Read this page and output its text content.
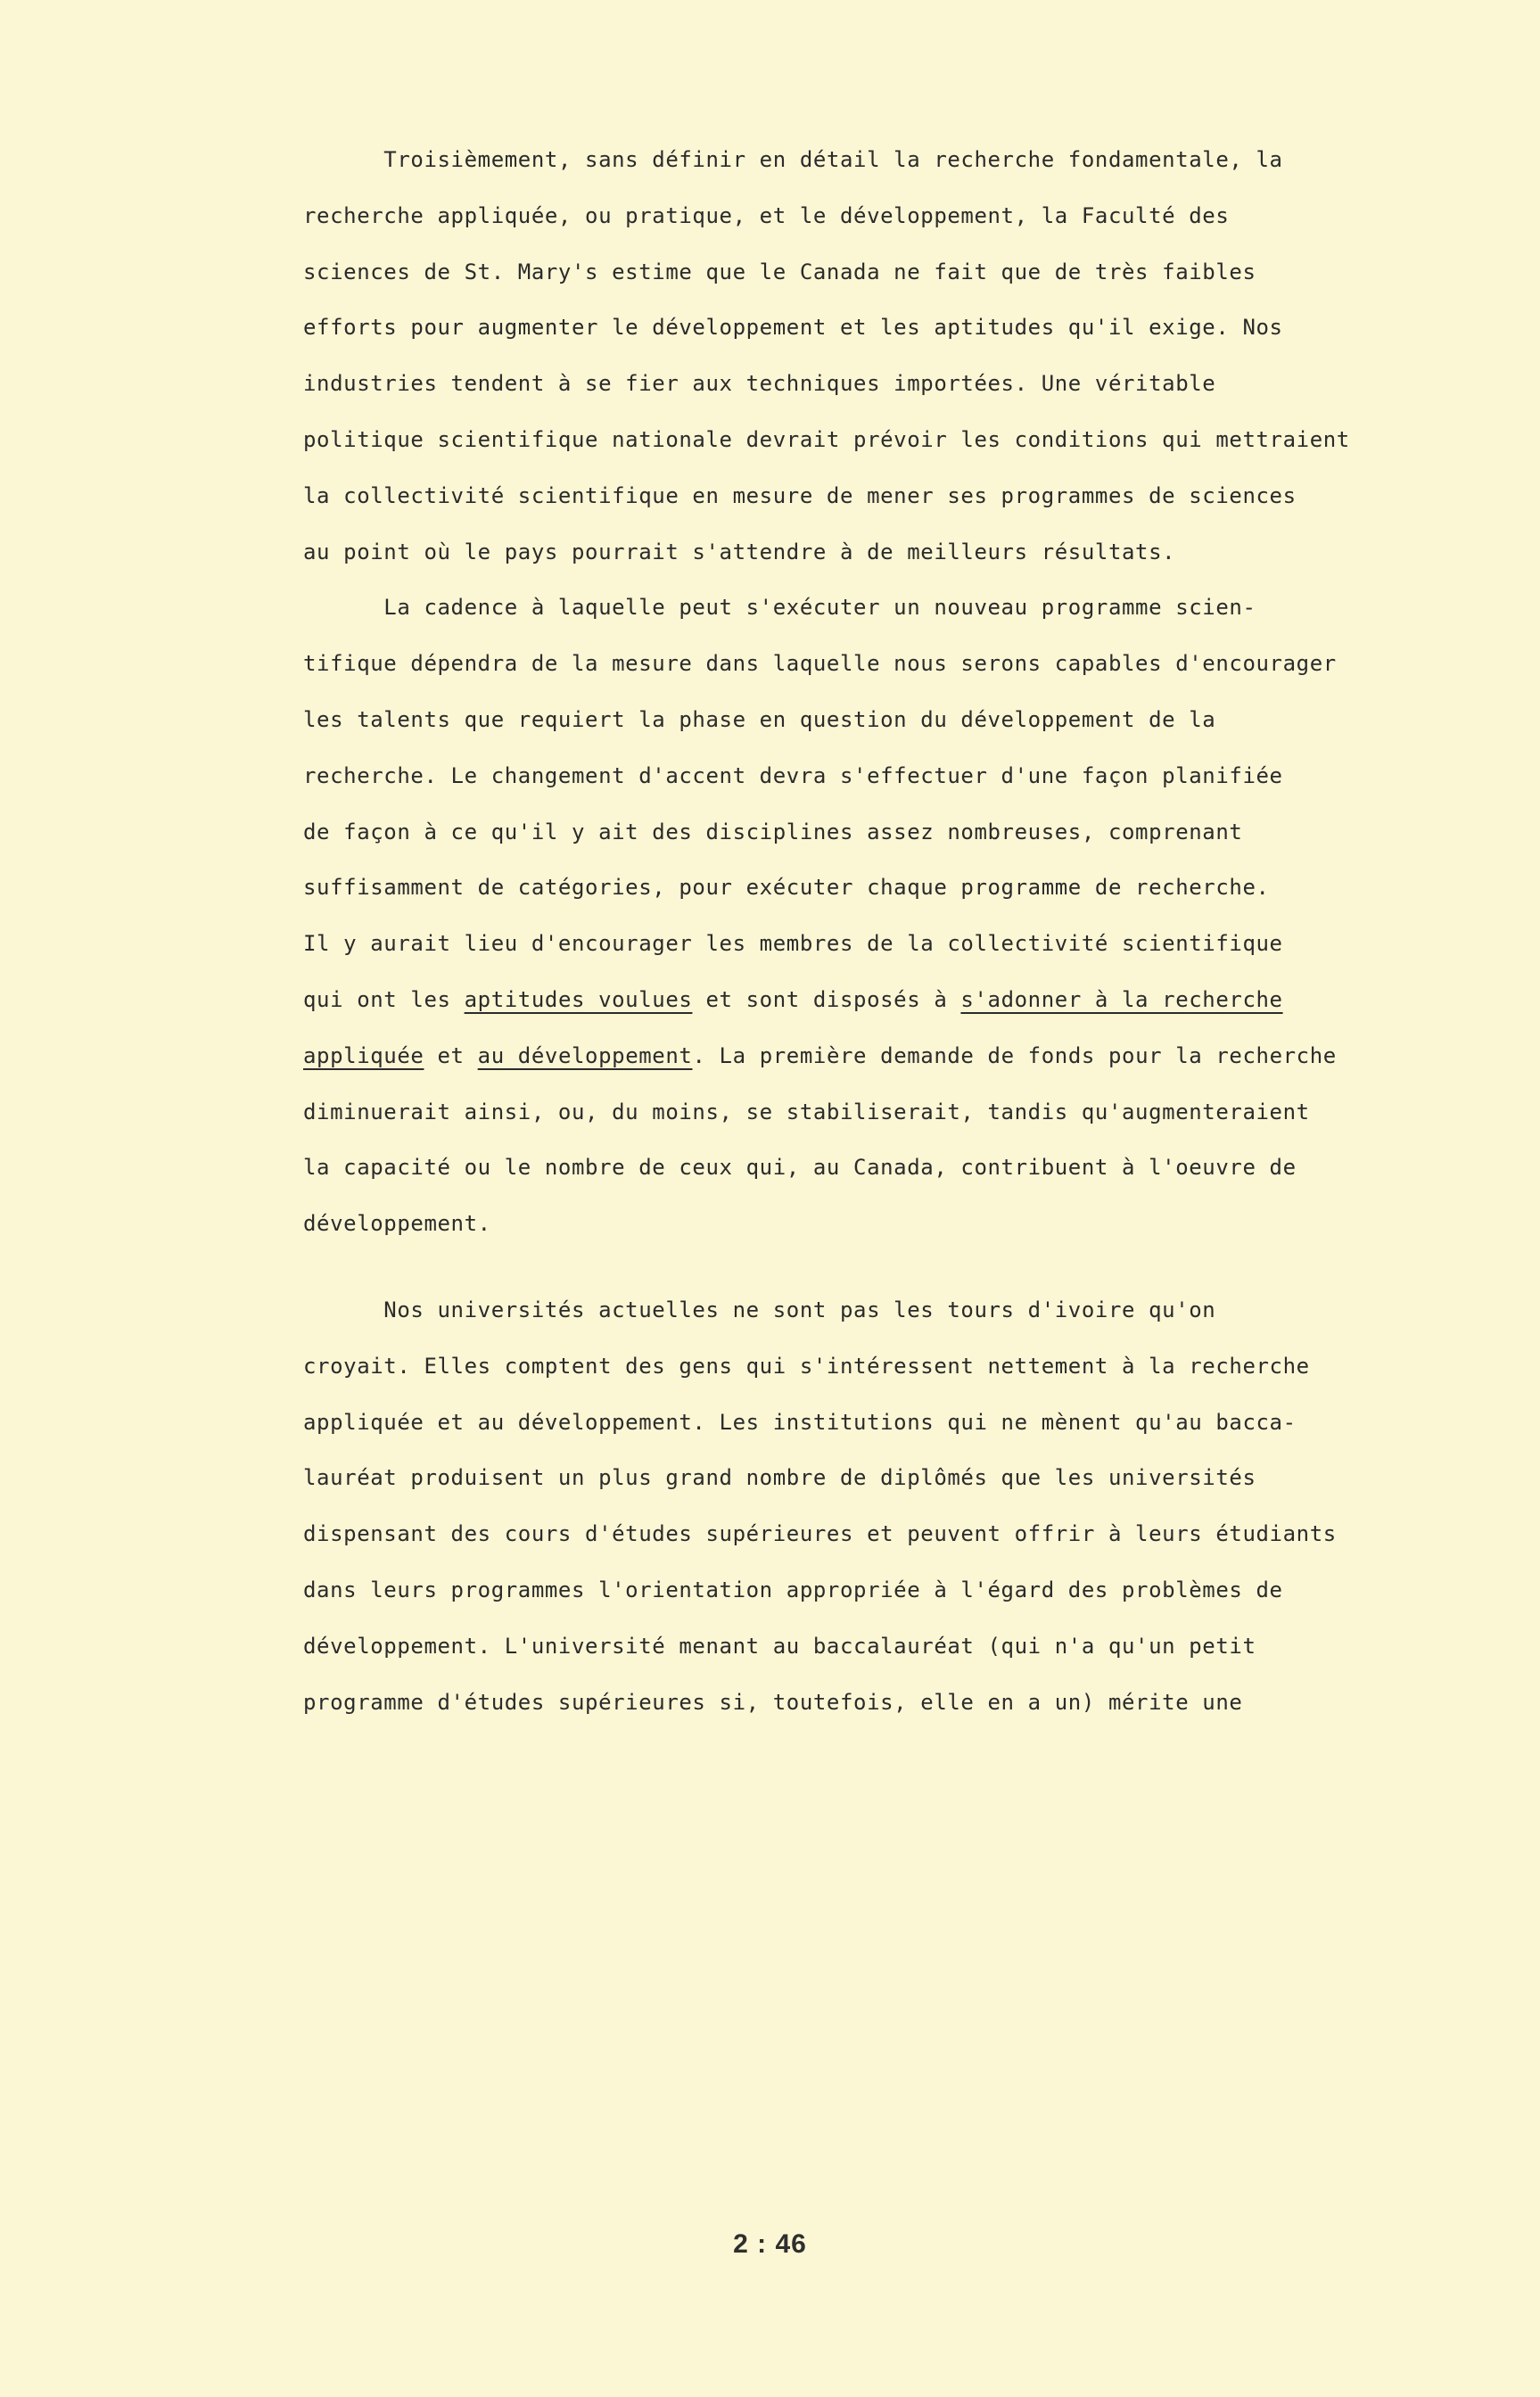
Troisièmement, sans définir en détail la recherche fondamentale, la
recherche appliquée, ou pratique, et le développement, la Faculté des
sciences de St. Mary's estime que le Canada ne fait que de très faibles
efforts pour augmenter le développement et les aptitudes qu'il exige. Nos
industries tendent à se fier aux techniques importées. Une véritable
politique scientifique nationale devrait prévoir les conditions qui mettraient
la collectivité scientifique en mesure de mener ses programmes de sciences
au point où le pays pourrait s'attendre à de meilleurs résultats.
La cadence à laquelle peut s'exécuter un nouveau programme scien-
tifique dépendra de la mesure dans laquelle nous serons capables d'encourager
les talents que requiert la phase en question du développement de la
recherche. Le changement d'accent devra s'effectuer d'une façon planifiée
de façon à ce qu'il y ait des disciplines assez nombreuses, comprenant
suffisamment de catégories, pour exécuter chaque programme de recherche.
Il y aurait lieu d'encourager les membres de la collectivité scientifique
qui ont les aptitudes voulues et sont disposés à s'adonner à la recherche
appliquée et au développement. La première demande de fonds pour la recherche
diminuerait ainsi, ou, du moins, se stabiliserait, tandis qu'augmenteraient
la capacité ou le nombre de ceux qui, au Canada, contribuent à l'oeuvre de
développement.
Nos universités actuelles ne sont pas les tours d'ivoire qu'on
croyait. Elles comptent des gens qui s'intéressent nettement à la recherche
appliquée et au développement. Les institutions qui ne mènent qu'au bacca-
lauréat produisent un plus grand nombre de diplômés que les universités
dispensant des cours d'études supérieures et peuvent offrir à leurs étudiants
dans leurs programmes l'orientation appropriée à l'égard des problèmes de
développement. L'université menant au baccalauréat (qui n'a qu'un petit
programme d'études supérieures si, toutefois, elle en a un) mérite une
2 : 46
